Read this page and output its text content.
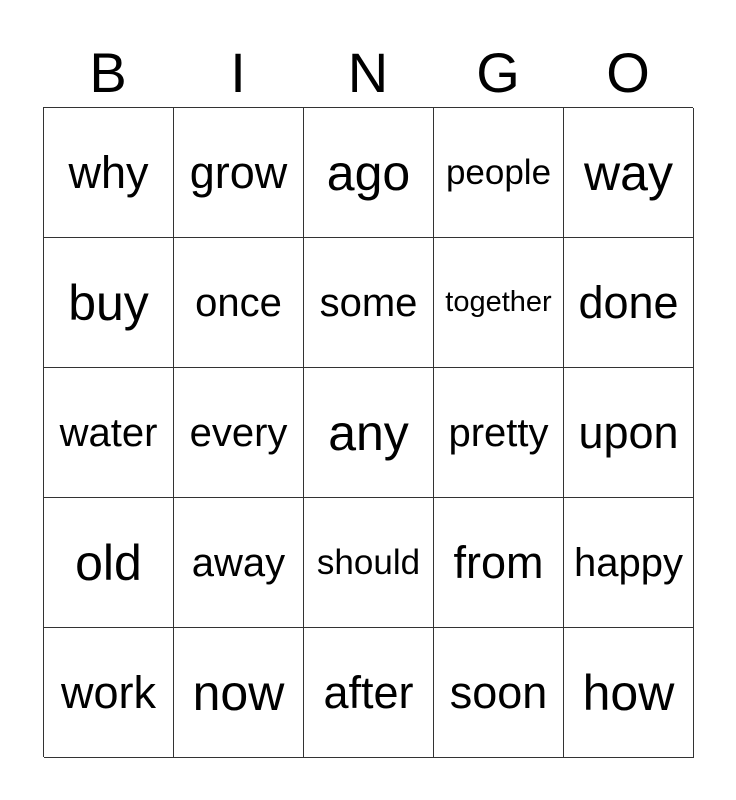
B	I	N	G	O
why grow ago	people way
buy	once some together done
water every any pretty upon
old	away should from happy
work now after soon how
